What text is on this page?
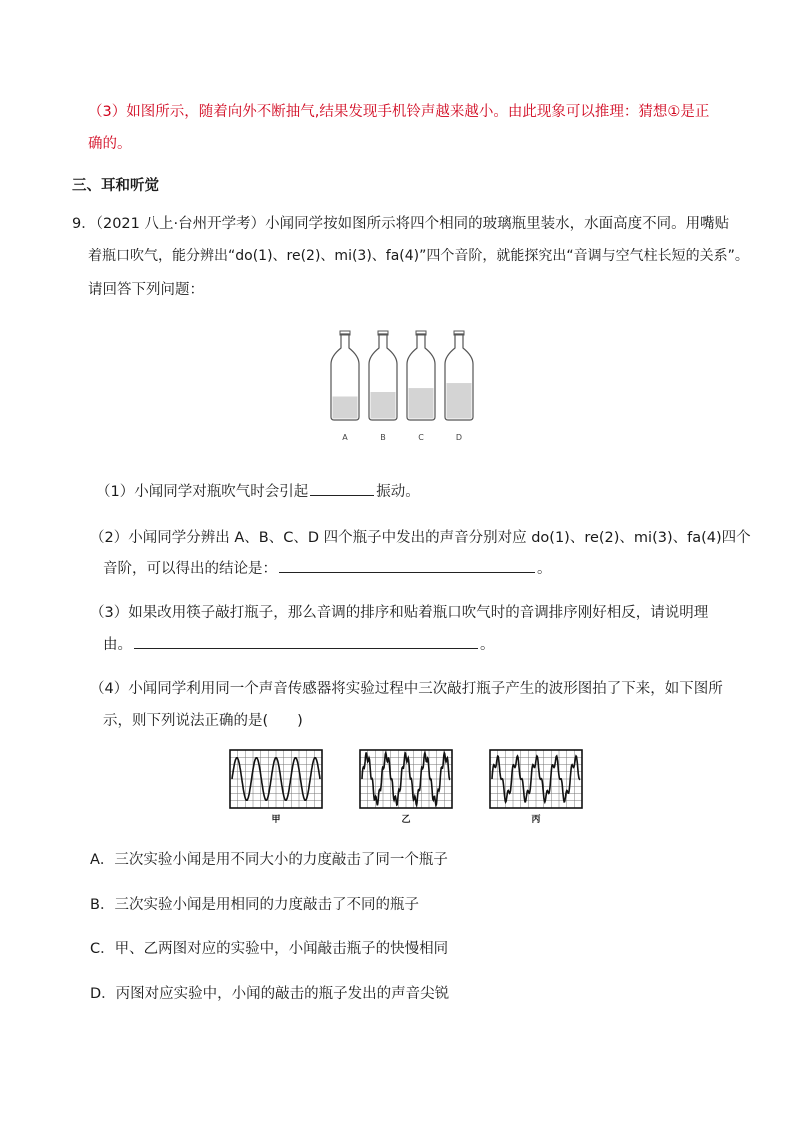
（3）如图所示，随着向外不断抽气,结果发现手机铃声越来越小。由此现象可以推理：猜想①是正
确的。
三、耳和听觉
9．（2021 八上·台州开学考）小闻同学按如图所示将四个相同的玻璃瓶里装水，水面高度不同。用嘴贴
着瓶口吹气，能分辨出“do(1)、re(2)、mi(3)、fa(4)”四个音阶，就能探究出“音调与空气柱长短的关系”。
请回答下列问题：
A	B	C	D
（1）小闻同学对瓶吹气时会引起	振动。
（2）小闻同学分辨出 A、B、C、D 四个瓶子中发出的声音分别对应 do(1)、re(2)、mi(3)、fa(4)四个
音阶，可以得出的结论是：	。
（3）如果改用筷子敲打瓶子，那么音调的排序和贴着瓶口吹气时的音调排序刚好相反，请说明理
由。	。
（4）小闻同学利用同一个声音传感器将实验过程中三次敲打瓶子产生的波形图拍了下来，如下图所
示，则下列说法正确的是(　　)
甲	乙	丙
A．三次实验小闻是用不同大小的力度敲击了同一个瓶子
B．三次实验小闻是用相同的力度敲击了不同的瓶子
C．甲、乙两图对应的实验中，小闻敲击瓶子的快慢相同
D．丙图对应实验中，小闻的敲击的瓶子发出的声音尖锐
